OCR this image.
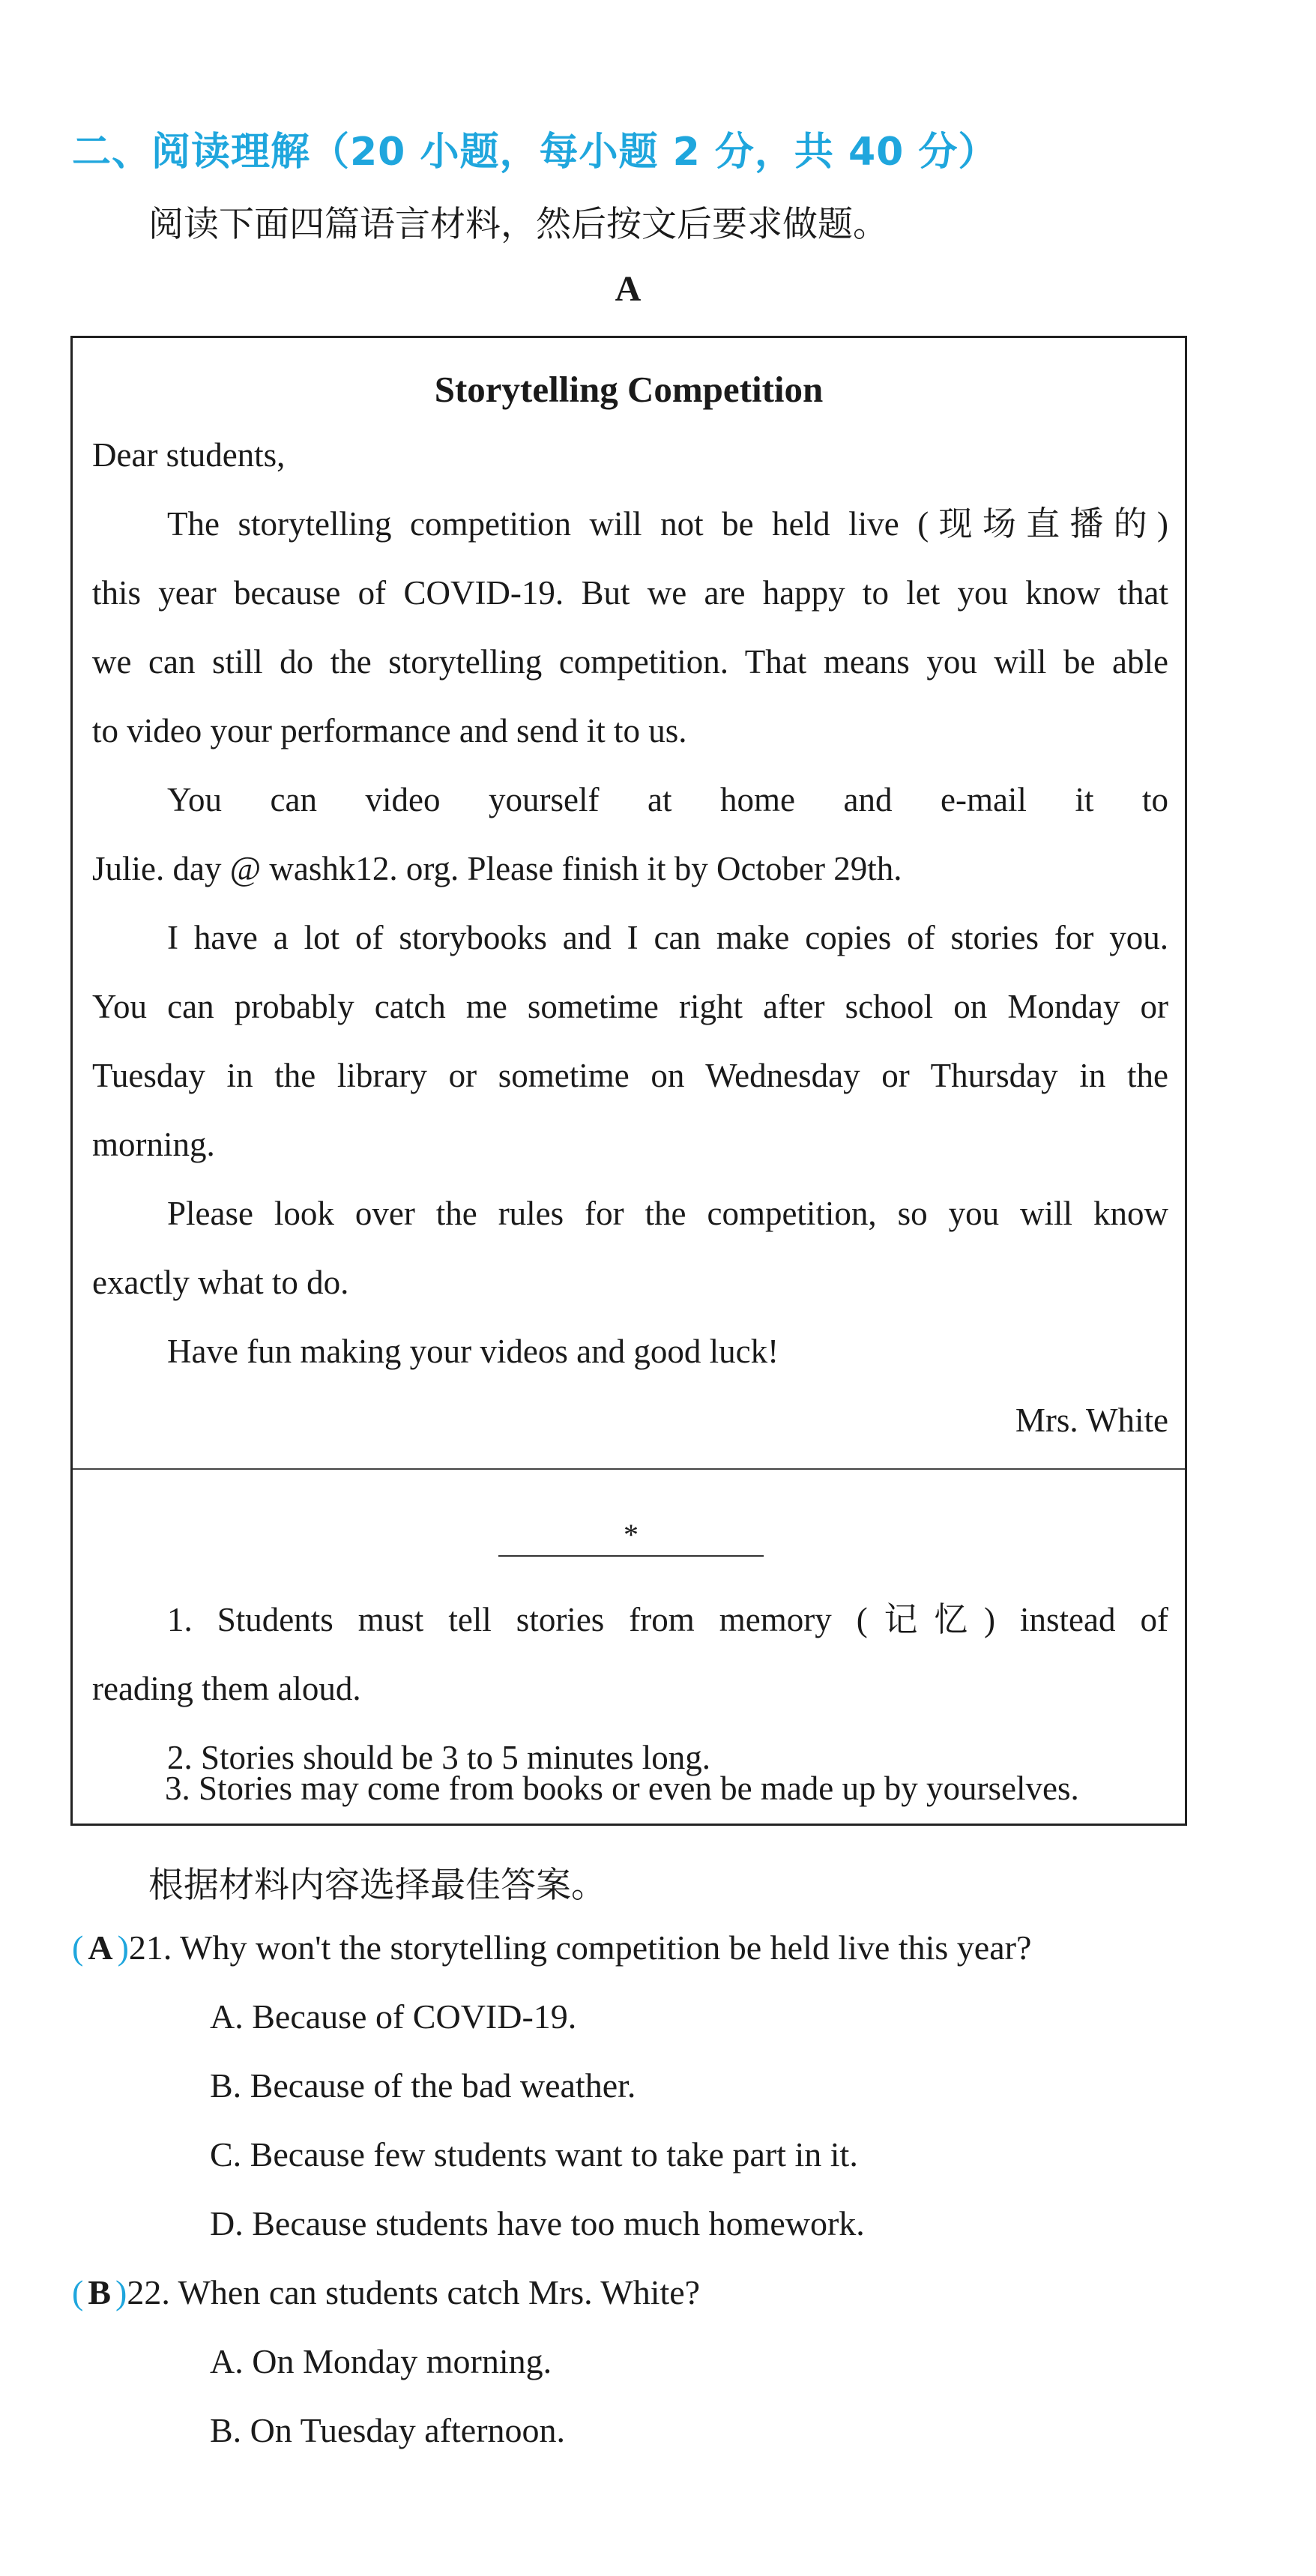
二、阅读理解（20 小题，每小题 2 分，共 40 分）
阅读下面四篇语言材料，然后按文后要求做题。
A
Storytelling Competition
Dear students,
The storytelling competition will not be held live (现场直播的)
this year because of COVID-19. But we are happy to let you know that
we can still do the storytelling competition. That means you will be able
to video your performance and send it to us.
You can video yourself at home and e-mail it to
Julie. day @ washk12. org. Please finish it by October 29th.
I have a lot of storybooks and I can make copies of stories for you.
You can probably catch me sometime right after school on Monday or
Tuesday in the library or sometime on Wednesday or Thursday in the
morning.
Please look over the rules for the competition, so you will know
exactly what to do.
Have fun making your videos and good luck!
Mrs. White
*
1. Students must tell stories from memory (记忆) instead of
reading them aloud.
2. Stories should be 3 to 5 minutes long.
3. Stories may come from books or even be made up by yourselves.
根据材料内容选择最佳答案。
( A )21. Why won't the storytelling competition be held live this year?
A. Because of COVID-19.
B. Because of the bad weather.
C. Because few students want to take part in it.
D. Because students have too much homework.
( B )22. When can students catch Mrs. White?
A. On Monday morning.
B. On Tuesday afternoon.
